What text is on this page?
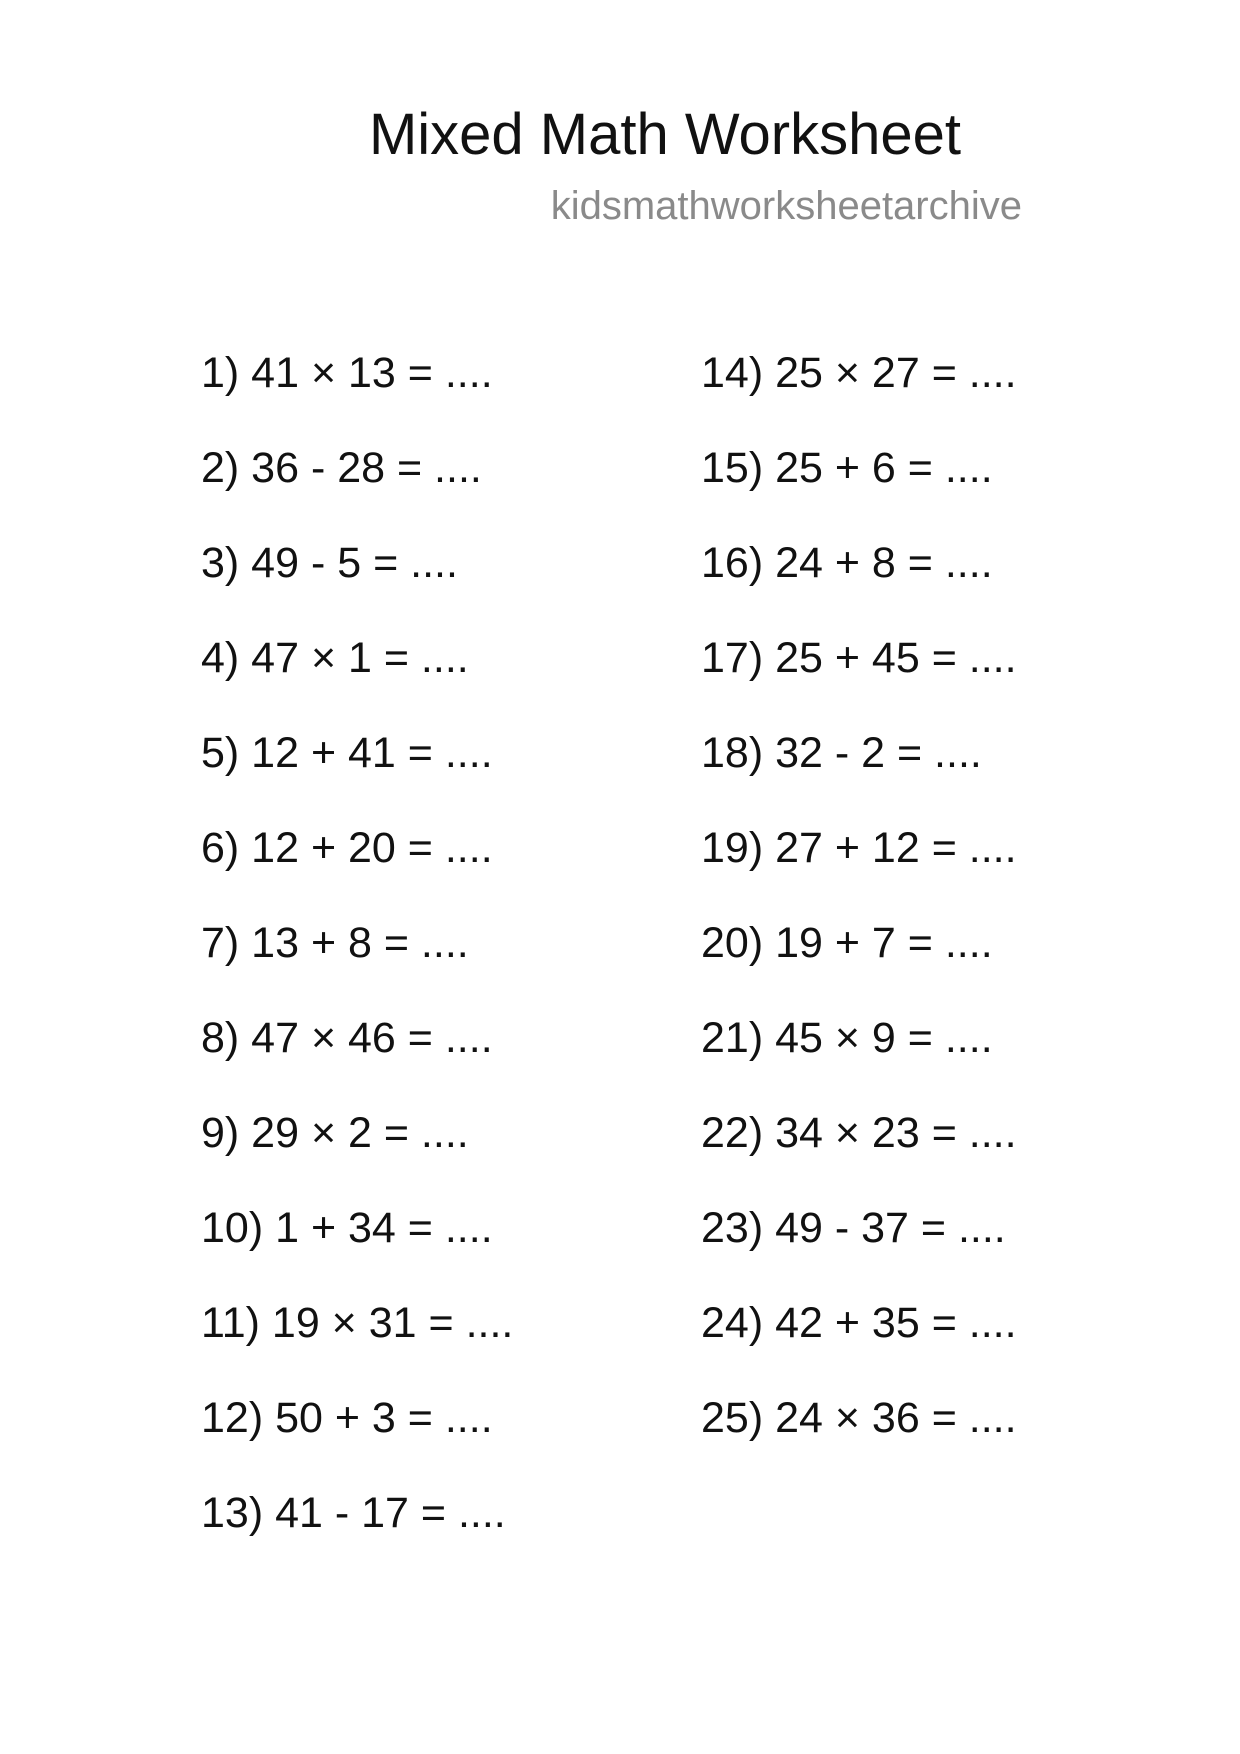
Mixed Math Worksheet
kidsmathworksheetarchive
1) 41 × 13 = ....
2) 36 - 28 = ....
3) 49 - 5 = ....
4) 47 × 1 = ....
5) 12 + 41 = ....
6) 12 + 20 = ....
7) 13 + 8 = ....
8) 47 × 46 = ....
9) 29 × 2 = ....
10) 1 + 34 = ....
11) 19 × 31 = ....
12) 50 + 3 = ....
13) 41 - 17 = ....
14) 25 × 27 = ....
15) 25 + 6 = ....
16) 24 + 8 = ....
17) 25 + 45 = ....
18) 32 - 2 = ....
19) 27 + 12 = ....
20) 19 + 7 = ....
21) 45 × 9 = ....
22) 34 × 23 = ....
23) 49 - 37 = ....
24) 42 + 35 = ....
25) 24 × 36 = ....
